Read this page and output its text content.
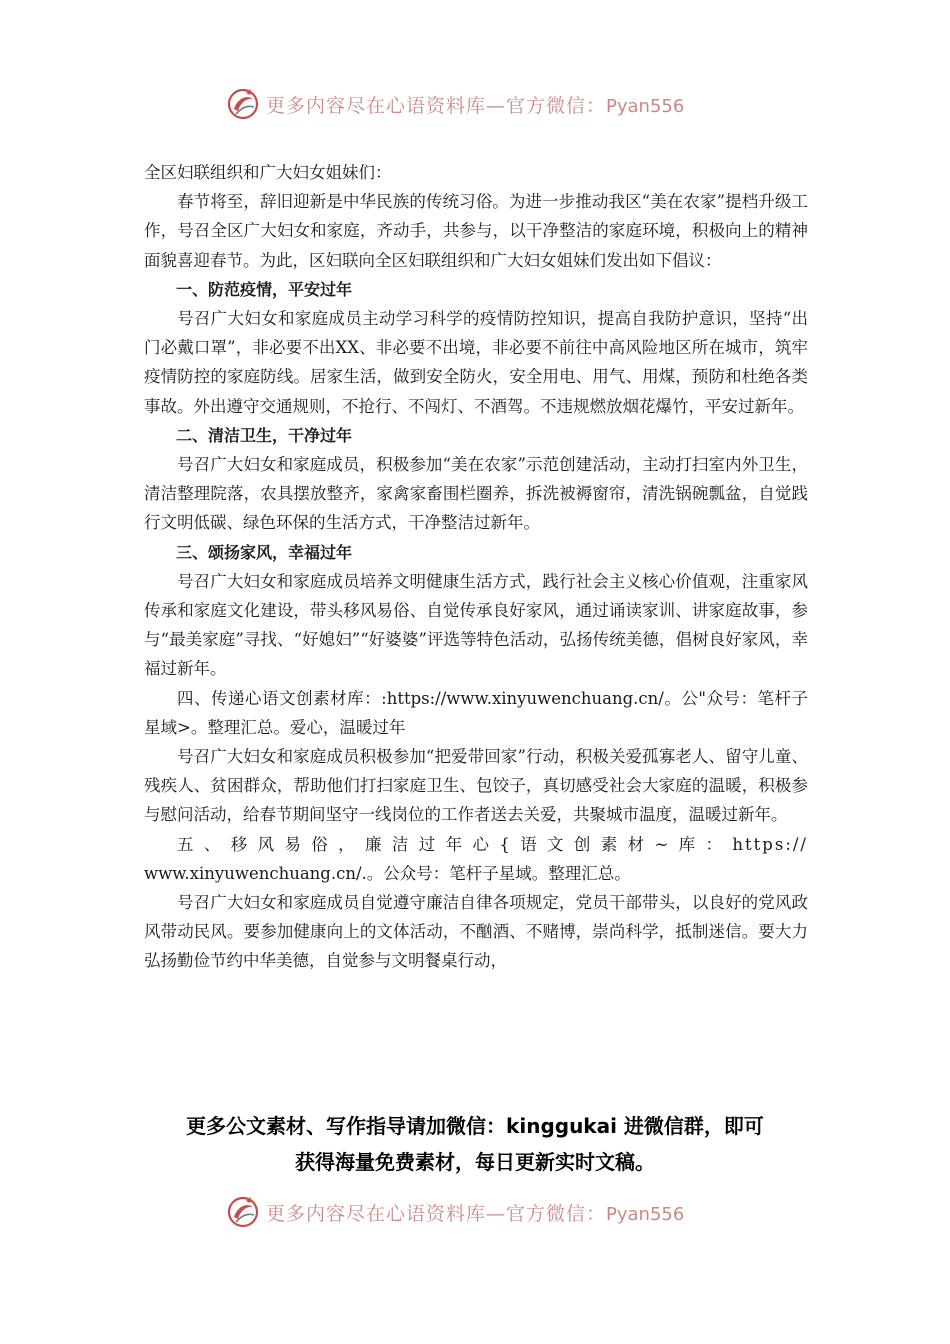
更多内容尽在心语资料库—官方微信：Pyan556

全区妇联组织和广大妇女姐妹们：

春节将至，辞旧迎新是中华民族的传统习俗。为进一步推动我区“美在农家”提档升级工作，号召全区广大妇女和家庭，齐动手，共参与，以干净整洁的家庭环境，积极向上的精神面貌喜迎春节。为此，区妇联向全区妇联组织和广大妇女姐妹们发出如下倡议：

一、防范疫情，平安过年

号召广大妇女和家庭成员主动学习科学的疫情防控知识，提高自我防护意识，坚持“出门必戴口罩”，非必要不出XX、非必要不出境，非必要不前往中高风险地区所在城市，筑牢疫情防控的家庭防线。居家生活，做到安全防火，安全用电、用气、用煤，预防和杜绝各类事故。外出遵守交通规则，不抢行、不闯灯、不酒驾。不违规燃放烟花爆竹，平安过新年。

二、清洁卫生，干净过年

号召广大妇女和家庭成员，积极参加“美在农家”示范创建活动，主动打扫室内外卫生，清洁整理院落，农具摆放整齐，家禽家畜围栏圈养，拆洗被褥窗帘，清洗锅碗瓢盆，自觉践行文明低碳、绿色环保的生活方式，干净整洁过新年。

三、颂扬家风，幸福过年

号召广大妇女和家庭成员培养文明健康生活方式，践行社会主义核心价值观，注重家风传承和家庭文化建设，带头移风易俗、自觉传承良好家风，通过诵读家训、讲家庭故事，参与“最美家庭”寻找、“好媳妇”“好婆婆”评选等特色活动，弘扬传统美德，倡树良好家风，幸福过新年。

四、传递心语文创素材库：:https://www.xinyuwenchuang.cn/。公"众号：笔杆子星域>。整理汇总。爱心，温暖过年

号召广大妇女和家庭成员积极参加“把爱带回家”行动，积极关爱孤寡老人、留守儿童、残疾人、贫困群众，帮助他们打扫家庭卫生、包饺子，真切感受社会大家庭的温暖，积极参与慰问活动，给春节期间坚守一线岗位的工作者送去关爱，共聚城市温度，温暖过新年。

五、移风易俗，廉洁过年心{语文创素材~库：https://

www.xinyuwenchuang.cn/.。公众号：笔杆子星域。整理汇总。

号召广大妇女和家庭成员自觉遵守廉洁自律各项规定，党员干部带头，以良好的党风政风带动民风。要参加健康向上的文体活动，不酗酒、不赌博，崇尚科学，抵制迷信。要大力弘扬勤俭节约中华美德，自觉参与文明餐桌行动，

更多公文素材、写作指导请加微信：kinggukai 进微信群，即可
获得海量免费素材，每日更新实时文稿。
更多内容尽在心语资料库—官方微信：Pyan556
